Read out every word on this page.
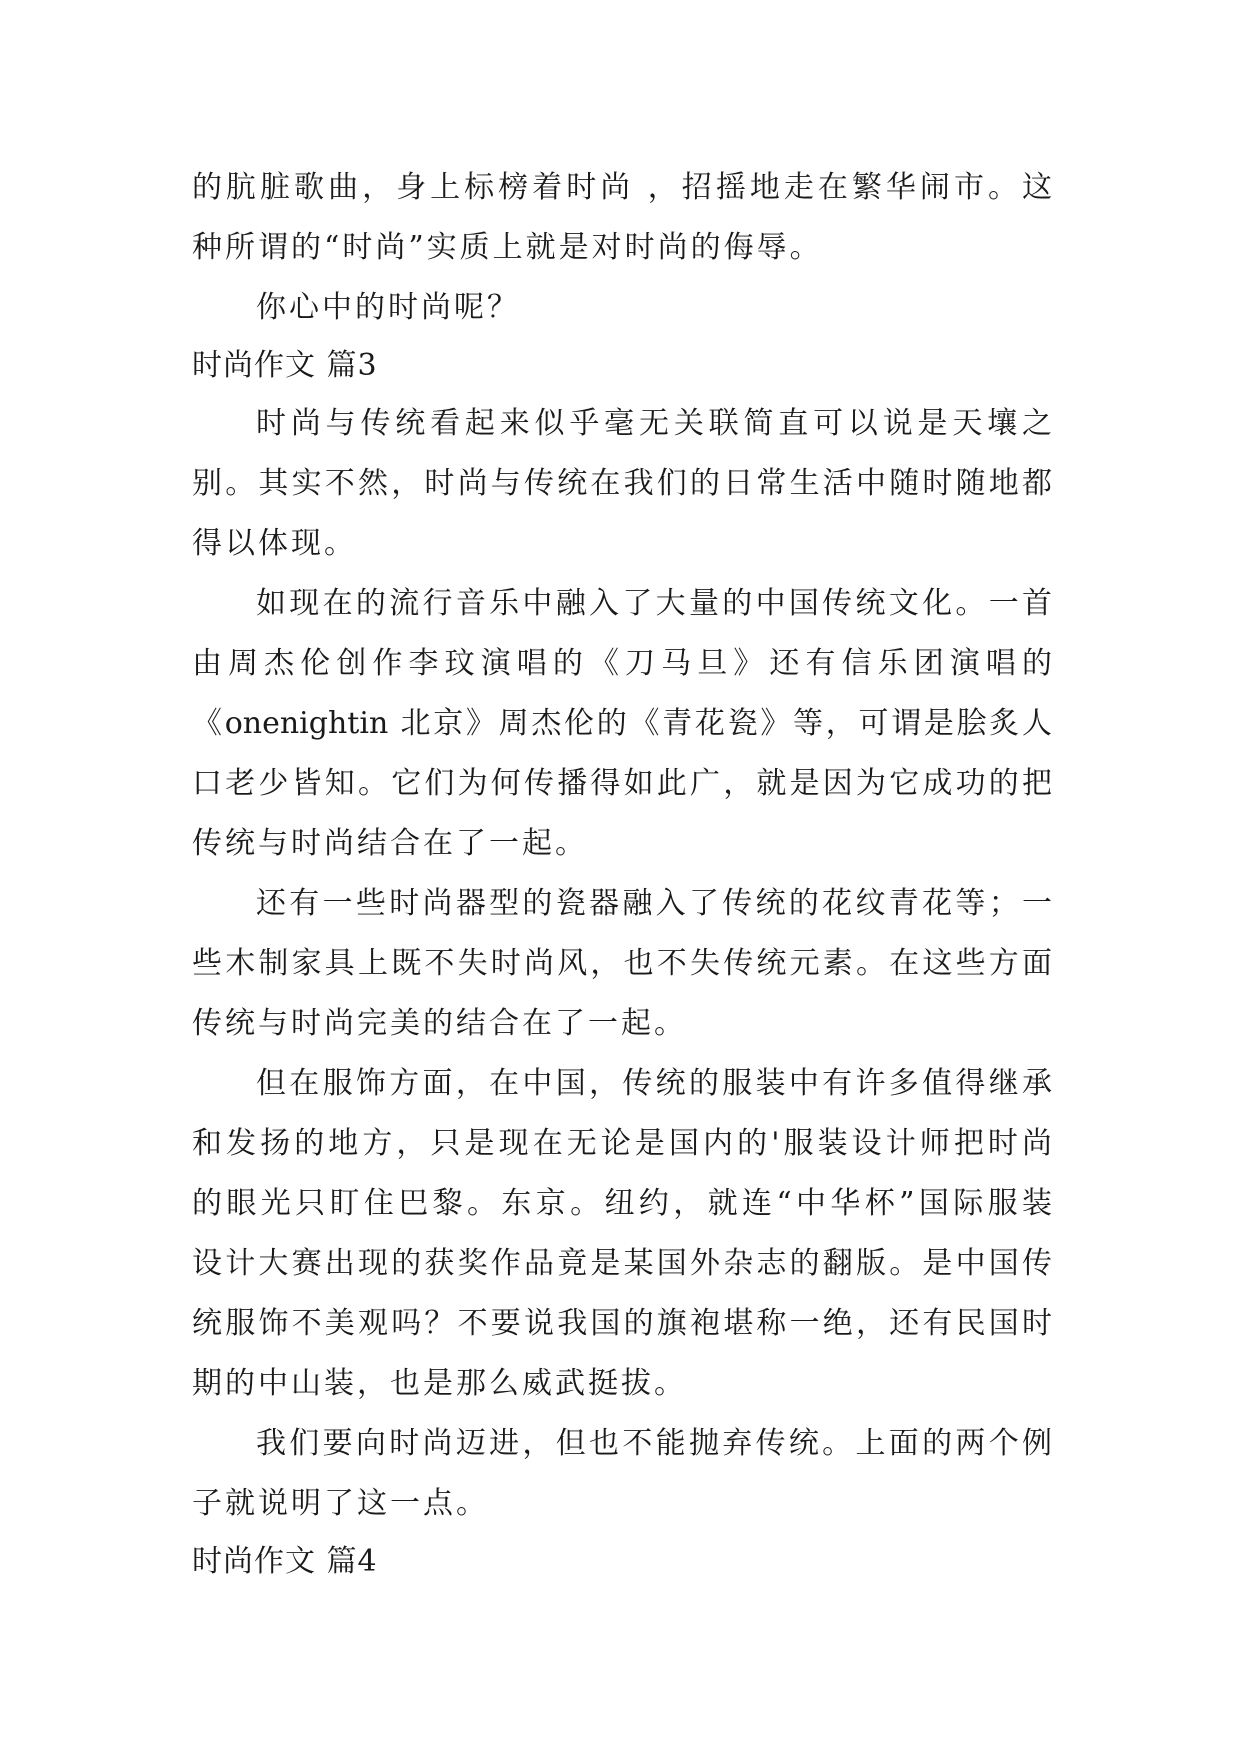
的肮脏歌曲，身上标榜着时尚 ，招摇地走在繁华闹市。这
种所谓的“时尚”实质上就是对时尚的侮辱。
你心中的时尚呢？
时尚作文 篇3
时尚与传统看起来似乎毫无关联简直可以说是天壤之
别。其实不然，时尚与传统在我们的日常生活中随时随地都
得以体现。
如现在的流行音乐中融入了大量的中国传统文化。一首
由周杰伦创作李玟演唱的《刀马旦》还有信乐团演唱的
《onenightin 北京》周杰伦的《青花瓷》等，可谓是脍炙人
口老少皆知。它们为何传播得如此广，就是因为它成功的把
传统与时尚结合在了一起。
还有一些时尚器型的瓷器融入了传统的花纹青花等；一
些木制家具上既不失时尚风，也不失传统元素。在这些方面
传统与时尚完美的结合在了一起。
但在服饰方面，在中国，传统的服装中有许多值得继承
和发扬的地方，只是现在无论是国内的'服装设计师把时尚
的眼光只盯住巴黎。东京。纽约，就连“中华杯”国际服装
设计大赛出现的获奖作品竟是某国外杂志的翻版。是中国传
统服饰不美观吗？不要说我国的旗袍堪称一绝，还有民国时
期的中山装，也是那么威武挺拔。
我们要向时尚迈进，但也不能抛弃传统。上面的两个例
子就说明了这一点。
时尚作文 篇4
